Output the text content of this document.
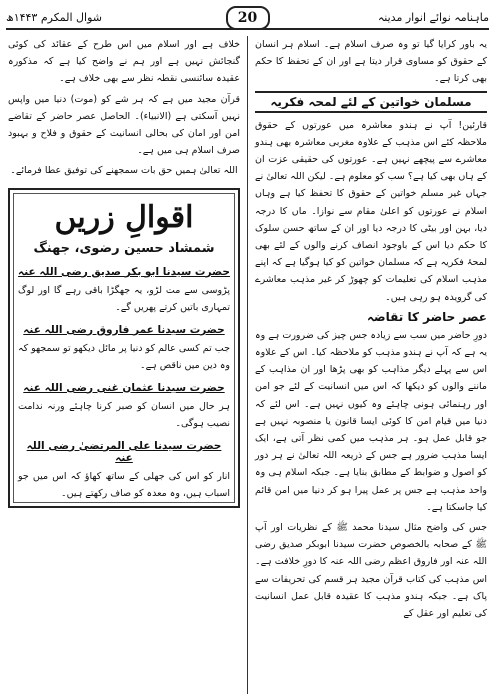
شوال المکرم ۱۴۴۳ھ	ماہنامہ نوائے انوار مدینہ
20

یہ باور کرایا گیا تو وہ صرف اسلام ہے۔ اسلام ہر انسان کے حقوق کو مساوی قرار دیتا ہے اور ان کے تحفظ کا حکم بھی کرتا ہے۔

مسلمان خواتین کے لئے لمحہ فکریہ

قارئین! آپ نے ہندو معاشرہ میں عورتوں کے حقوق ملاحظہ کئے اس مذہب کے علاوہ مغربی معاشرہ بھی ہندو معاشرے سے پیچھے نہیں ہے۔ عورتوں کی حقیقی عزت ان کے ہاں بھی کیا ہے؟ سب کو معلوم ہے۔ لیکن اللہ تعالیٰ نے جہاں غیر مسلم خواتین کے حقوق کا تحفظ کیا ہے وہاں اسلام نے عورتوں کو اعلیٰ مقام سے نوازا۔ ماں کا درجہ دیا، بہن اور بیٹی کا درجہ دیا اور ان کے ساتھ حسن سلوک کا حکم دیا اس کے باوجود انصاف کرنے والوں کے لئے بھی لمحۂ فکریہ ہے کہ مسلمان خواتین کو کیا ہوگیا ہے کہ اپنے مذہب اسلام کی تعلیمات کو چھوڑ کر غیر مذہب معاشرے کی گرویدہ ہو رہی ہیں۔

عصر حاضر کا تقاضہ

دورِ حاضر میں سب سے زیادہ جس چیز کی ضرورت ہے وہ یہ ہے کہ آپ نے ہندو مذہب کو ملاحظہ کیا۔ اس کے علاوہ اس سے پہلے دیگر مذاہب کو بھی پڑھا اور ان مذاہب کے ماننے والوں کو دیکھا کہ اس میں انسانیت کے لئے جو امن اور رہنمائی ہونی چاہئے وہ کیوں نہیں ہے۔ اس لئے کہ دنیا میں قیام امن کا کوئی ایسا قانون یا منصوبہ نہیں ہے جو قابل عمل ہو۔ ہر مذہب میں کمی نظر آتی ہے، ایک ایسا مذہب ضرور ہے جس کے ذریعہ اللہ تعالیٰ نے ہر دور کو اصول و ضوابط کے مطابق بنایا ہے۔ جبکہ اسلام ہی وہ واحد مذہب ہے جس پر عمل پیرا ہو کر دنیا میں امن قائم کیا جاسکتا ہے۔

جس کی واضح مثال سیدنا محمد ﷺ کے نظریات اور آپ ﷺ کے صحابہ بالخصوص حضرت سیدنا ابوبکر صدیق رضی اللہ عنہ اور فاروق اعظم رضی اللہ عنہ کا دورِ خلافت ہے۔ اس مذہب کی کتاب قرآن مجید ہر قسم کی تحریفات سے پاک ہے۔ جبکہ ہندو مذہب کا عقیدہ قابل عمل انسانیت کی تعلیم اور عقل کے

خلاف ہے اور اسلام میں اس طرح کے عقائد کی کوئی گنجائش نہیں ہے اور ہم نے واضح کیا ہے کہ مذکورہ عقیدہ سائنسی نقطہ نظر سے بھی خلاف ہے۔

قرآن مجید میں ہے کہ ہر شے کو (موت) دنیا میں واپس نہیں آسکتی ہے (الانبیاء)۔ الحاصل عصر حاضر کے تقاضے امن اور امان کی بحالی انسانیت کے حقوق و فلاح و بہبود صرف اسلام ہی میں ہے۔

اللہ تعالیٰ ہمیں حق بات سمجھنے کی توفیق عطا فرمائے۔

اقوالِ زریں
شمشاد حسین رضوی، جھنگ
حضرت سیدنا ابو بکر صدیق رضی اللہ عنہ
پڑوسی سے مت لڑو، یہ جھگڑا باقی رہے گا اور لوگ تمہاری باتیں کرتے پھریں گے۔
حضرت سیدنا عمر فاروق رضی اللہ عنہ
جب تم کسی عالم کو دنیا پر مائل دیکھو تو سمجھو کہ وہ دین میں ناقص ہے۔
حضرت سیدنا عثمان غنی رضی اللہ عنہ
ہر حال میں انسان کو صبر کرنا چاہئے ورنہ ندامت نصیب ہوگی۔
حضرت سیدنا علی المرتضیٰ رضی اللہ عنہ
انار کو اس کی جھلی کے ساتھ کھاؤ کہ اس میں جو اسباب ہیں، وہ معدہ کو صاف رکھتے ہیں۔
